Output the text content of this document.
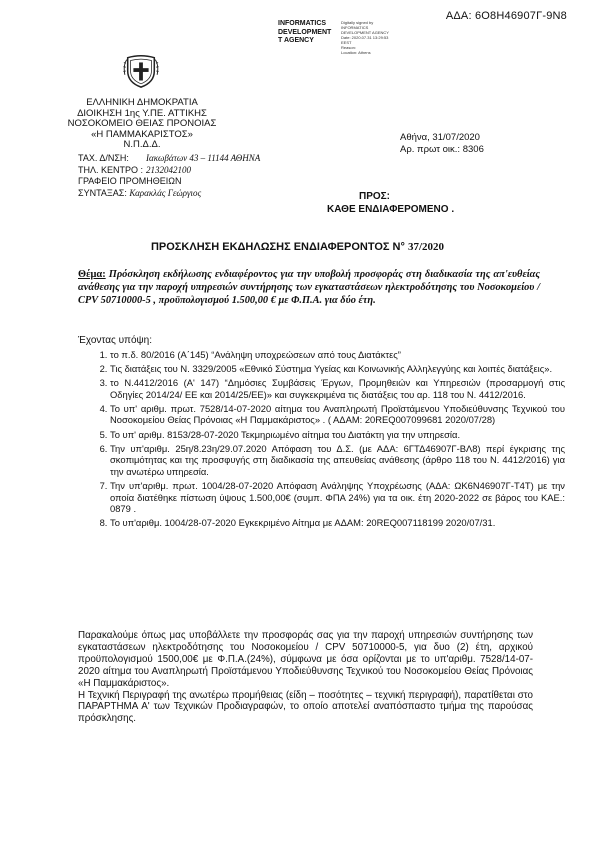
ΑΔΑ: 6Ο8Η46907Γ-9Ν8
INFORMATICS
DEVELOPMENT
T AGENCY
Digitally signed by
INFORMATICS
DEVELOPMENT AGENCY
Date: 2020.07.31 13:29:53
EEST
Reason:
Location: Athens
ΕΛΛΗΝΙΚΗ ΔΗΜΟΚΡΑΤΙΑ
ΔΙΟΙΚΗΣΗ 1ης Υ.ΠΕ. ΑΤΤΙΚΗΣ
ΝΟΣΟΚΟΜΕΙΟ ΘΕΙΑΣ ΠΡΟΝΟΙΑΣ
«Η ΠΑΜΜΑΚΑΡΙΣΤΟΣ»
Ν.Π.Δ.Δ.
Αθήνα, 31/07/2020
Αρ. πρωτ οικ.: 8306
ΤΑΧ. Δ/ΝΣΗ: Ιακωβάτων 43 – 11144 ΑΘΗΝΑ
ΤΗΛ. ΚΕΝΤΡΟ : 2132042100
ΓΡΑΦΕΙΟ ΠΡΟΜΗΘΕΙΩΝ
ΣΥΝΤΑΞΑΣ: Καρακλάς Γεώργιος	ΠΡΟΣ:
ΚΑΘΕ ΕΝΔΙΑΦΕΡΟΜΕΝΟ .
ΠΡΟΣΚΛΗΣΗ ΕΚΔΗΛΩΣΗΣ ΕΝΔΙΑΦΕΡΟΝΤΟΣ Ν° 37/2020
Θέμα: Πρόσκληση εκδήλωσης ενδιαφέροντος για την υποβολή προσφοράς στη διαδικασία της απ'ευθείας ανάθεσης για την παροχή υπηρεσιών συντήρησης των εγκαταστάσεων ηλεκτροδότησης του Νοσοκομείου / CPV 50710000-5 , προϋπολογισμού 1.500,00 € με Φ.Π.Α. για δύο έτη.
Έχοντας υπόψη:
1. το π.δ. 80/2016 (Α΄145) “Ανάληψη υποχρεώσεων από τους Διατάκτες”
2. Τις διατάξεις του Ν. 3329/2005 «Εθνικό Σύστημα Υγείας και Κοινωνικής Αλληλεγγύης και λοιπές διατάξεις».
3. το Ν.4412/2016 (Α' 147) “Δημόσιες Συμβάσεις Έργων, Προμηθειών και Υπηρεσιών (προσαρμογή στις Οδηγίες 2014/24/ ΕΕ και 2014/25/ΕΕ)» και συγκεκριμένα τις διατάξεις του αρ. 118 του Ν. 4412/2016.
4. Το υπ' αριθμ. πρωτ. 7528/14-07-2020 αίτημα του Αναπληρωτή Προϊστάμενου Υποδιεύθυνσης Τεχνικού του Νοσοκομείου Θείας Πρόνοιας «Η Παμμακάριστος» . ( ΑΔΑΜ: 20REQ007099681 2020/07/28)
5. Το υπ' αριθμ. 8153/28-07-2020 Τεκμηριωμένο αίτημα του Διατάκτη για την υπηρεσία.
6. Την υπ'αριθμ. 25η/8.23η/29.07.2020 Απόφαση του Δ.Σ. (με ΑΔΑ: 6ΓΤΔ46907Γ-ΒΛ8) περί έγκρισης της σκοπιμότητας και της προσφυγής στη διαδικασία της απευθείας ανάθεσης (άρθρο 118 του Ν. 4412/2016) για την ανωτέρω υπηρεσία.
7. Την υπ'αριθμ. πρωτ. 1004/28-07-2020 Απόφαση Ανάληψης Υποχρέωσης (ΑΔΑ: ΩΚ6Ν46907Γ-Τ4Τ) με την οποία διατέθηκε πίστωση ύψους 1.500,00€ (συμπ. ΦΠΑ 24%) για τα οικ. έτη 2020-2022 σε βάρος του ΚΑΕ.: 0879 .
8. Το υπ'αριθμ. 1004/28-07-2020 Εγκεκριμένο Αίτημα με ΑΔΑΜ: 20REQ007118199 2020/07/31.

Παρακαλούμε όπως μας υποβάλλετε την προσφοράς σας για την παροχή υπηρεσιών συντήρησης των εγκαταστάσεων ηλεκτροδότησης του Νοσοκομείου / CPV 50710000-5, για δυο (2) έτη, αρχικού προϋπολογισμού 1500,00€ με Φ.Π.Α.(24%), σύμφωνα με όσα ορίζονται με το υπ'αριθμ. 7528/14-07-2020 αίτημα του Αναπληρωτή Προϊστάμενου Υποδιεύθυνσης Τεχνικού του Νοσοκομείου Θείας Πρόνοιας «Η Παμμακάριστος».

Η Τεχνική Περιγραφή της ανωτέρω προμήθειας (είδη – ποσότητες – τεχνική περιγραφή), παρατίθεται στο ΠΑΡΑΡΤΗΜΑ Α' των Τεχνικών Προδιαγραφών, το οποίο αποτελεί αναπόσπαστο τμήμα της παρούσας πρόσκλησης.
